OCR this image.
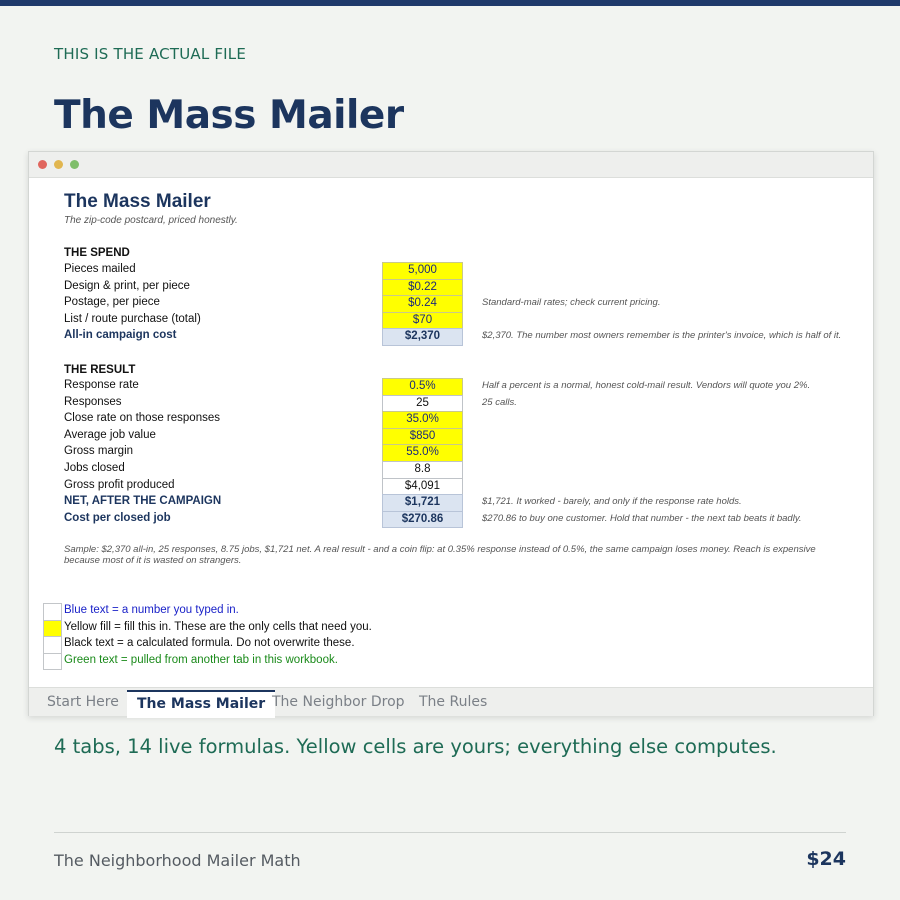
THIS IS THE ACTUAL FILE
The Mass Mailer
The Mass Mailer
The zip-code postcard, priced honestly.
THE SPEND
Pieces mailed	5,000
Design & print, per piece	$0.22
Postage, per piece	$0.24	Standard-mail rates; check current pricing.
List / route purchase (total)	$70
All-in campaign cost	$2,370	$2,370. The number most owners remember is the printer's invoice, which is half of it.
THE RESULT
Response rate	0.5%	Half a percent is a normal, honest cold-mail result. Vendors will quote you 2%.
Responses	25	25 calls.
Close rate on those responses	35.0%
Average job value	$850
Gross margin	55.0%
Jobs closed	8.8
Gross profit produced	$4,091
NET, AFTER THE CAMPAIGN	$1,721	$1,721. It worked - barely, and only if the response rate holds.
Cost per closed job	$270.86	$270.86 to buy one customer. Hold that number - the next tab beats it badly.
Sample: $2,370 all-in, 25 responses, 8.75 jobs, $1,721 net. A real result - and a coin flip: at 0.35% response instead of 0.5%, the same campaign loses money. Reach is expensive because most of it is wasted on strangers.
Blue text = a number you typed in.
Yellow fill = fill this in. These are the only cells that need you.
Black text = a calculated formula. Do not overwrite these.
Green text = pulled from another tab in this workbook.
Start Here	The Mass Mailer The Neighbor Drop The Rules
4 tabs, 14 live formulas. Yellow cells are yours; everything else computes.
The Neighborhood Mailer Math	$24
